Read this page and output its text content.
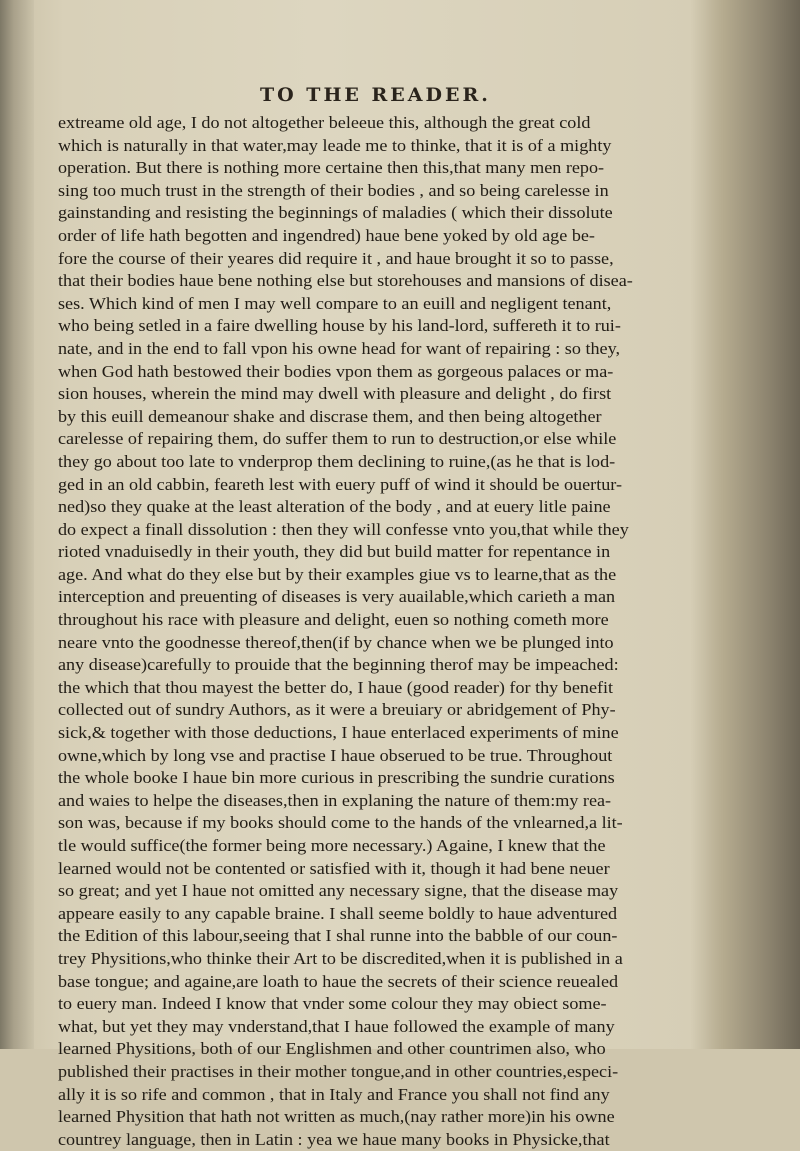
TO THE READER.
extreame old age, I do not altogether beleeue this, although the great cold
which is naturally in that water,may leade me to thinke, that it is of a mighty
operation. But there is nothing more certaine then this,that many men repo-
sing too much trust in the strength of their bodies , and so being carelesse in
gainstanding and resisting the beginnings of maladies ( which their dissolute
order of life hath begotten and ingendred) haue bene yoked by old age be-
fore the course of their yeares did require it , and haue brought it so to passe,
that their bodies haue bene nothing else but storehouses and mansions of disea-
ses. Which kind of men I may well compare to an euill and negligent tenant,
who being setled in a faire dwelling house by his land-lord, suffereth it to rui-
nate, and in the end to fall vpon his owne head for want of repairing : so they,
when God hath bestowed their bodies vpon them as gorgeous palaces or ma-
sion houses, wherein the mind may dwell with pleasure and delight , do first
by this euill demeanour shake and discrase them, and then being altogether
carelesse of repairing them, do suffer them to run to destruction,or else while
they go about too late to vnderprop them declining to ruine,(as he that is lod-
ged in an old cabbin, feareth lest with euery puff of wind it should be ouertur-
ned)so they quake at the least alteration of the body , and at euery litle paine
do expect a finall dissolution : then they will confesse vnto you,that while they
rioted vnaduisedly in their youth, they did but build matter for repentance in
age. And what do they else but by their examples giue vs to learne,that as the
interception and preuenting of diseases is very auailable,which carieth a man
throughout his race with pleasure and delight, euen so nothing cometh more
neare vnto the goodnesse thereof,then(if by chance when we be plunged into
any disease)carefully to prouide that the beginning therof may be impeached:
the which that thou mayest the better do, I haue (good reader) for thy benefit
collected out of sundry Authors, as it were a breuiary or abridgement of Phy-
sick,& together with those deductions, I haue enterlaced experiments of mine
owne,which by long vse and practise I haue obserued to be true. Throughout
the whole booke I haue bin more curious in prescribing the sundrie curations
and waies to helpe the diseases,then in explaning the nature of them:my rea-
son was, because if my books should come to the hands of the vnlearned,a lit-
tle would suffice(the former being more necessary.) Againe, I knew that the
learned would not be contented or satisfied with it, though it had bene neuer
so great; and yet I haue not omitted any necessary signe, that the disease may
appeare easily to any capable braine. I shall seeme boldly to haue adventured
the Edition of this labour,seeing that I shal runne into the babble of our coun-
trey Physitions,who thinke their Art to be discredited,when it is published in a
base tongue; and againe,are loath to haue the secrets of their science reuealed
to euery man. Indeed I know that vnder some colour they may obiect some-
what, but yet they may vnderstand,that I haue followed the example of many
learned Physitions, both of our Englishmen and other countrimen also, who
published their practises in their mother tongue,and in other countries,especi-
ally it is so rife and common , that in Italy and France you shall not find any
learned Physition that hath not written as much,(nay rather more)in his owne
countrey language, then in Latin : yea we haue many books in Physicke,that
